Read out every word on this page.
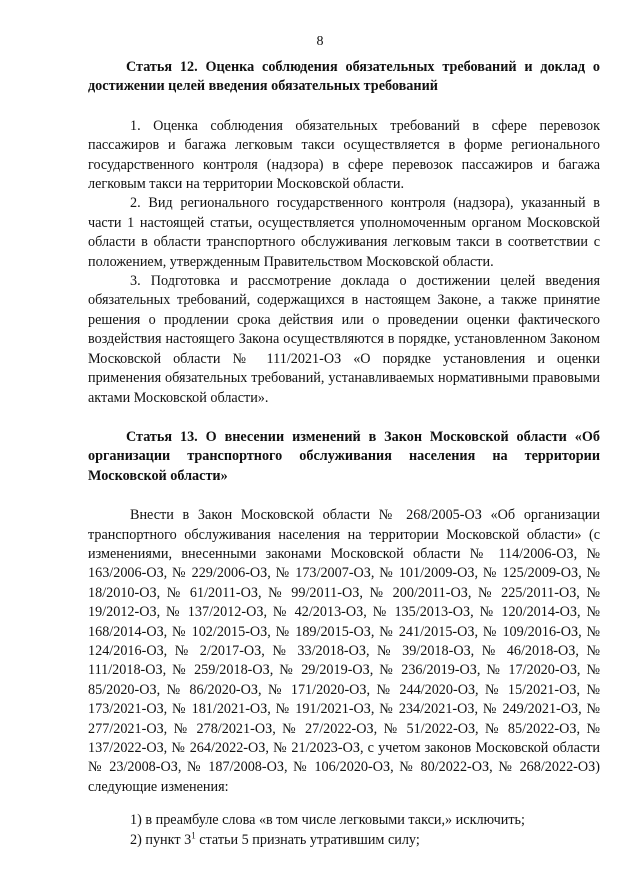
8
Статья 12. Оценка соблюдения обязательных требований и доклад о достижении целей введения обязательных требований

1. Оценка соблюдения обязательных требований в сфере перевозок пассажиров и багажа легковым такси осуществляется в форме регионального государственного контроля (надзора) в сфере перевозок пассажиров и багажа легковым такси на территории Московской области.

2. Вид регионального государственного контроля (надзора), указанный в части 1 настоящей статьи, осуществляется уполномоченным органом Московской области в области транспортного обслуживания легковым такси в соответствии с положением, утвержденным Правительством Московской области.

3. Подготовка и рассмотрение доклада о достижении целей введения обязательных требований, содержащихся в настоящем Законе, а также принятие решения о продлении срока действия или о проведении оценки фактического воздействия настоящего Закона осуществляются в порядке, установленном Законом Московской области № 111/2021-ОЗ «О порядке установления и оценки применения обязательных требований, устанавливаемых нормативными правовыми актами Московской области».

Статья 13. О внесении изменений в Закон Московской области «Об организации транспортного обслуживания населения на территории Московской области»

Внести в Закон Московской области № 268/2005-ОЗ «Об организации транспортного обслуживания населения на территории Московской области» (с изменениями, внесенными законами Московской области № 114/2006-ОЗ, № 163/2006-ОЗ, № 229/2006-ОЗ, № 173/2007-ОЗ, № 101/2009-ОЗ, № 125/2009-ОЗ, № 18/2010-ОЗ, № 61/2011-ОЗ, № 99/2011-ОЗ, № 200/2011-ОЗ, № 225/2011-ОЗ, № 19/2012-ОЗ, № 137/2012-ОЗ, № 42/2013-ОЗ, № 135/2013-ОЗ, № 120/2014-ОЗ, № 168/2014-ОЗ, № 102/2015-ОЗ, № 189/2015-ОЗ, № 241/2015-ОЗ, № 109/2016-ОЗ, № 124/2016-ОЗ, № 2/2017-ОЗ, № 33/2018-ОЗ, № 39/2018-ОЗ, № 46/2018-ОЗ, № 111/2018-ОЗ, № 259/2018-ОЗ, № 29/2019-ОЗ, № 236/2019-ОЗ, № 17/2020-ОЗ, № 85/2020-ОЗ, № 86/2020-ОЗ, № 171/2020-ОЗ, № 244/2020-ОЗ, № 15/2021-ОЗ, № 173/2021-ОЗ, № 181/2021-ОЗ, № 191/2021-ОЗ, № 234/2021-ОЗ, № 249/2021-ОЗ, № 277/2021-ОЗ, № 278/2021-ОЗ, № 27/2022-ОЗ, № 51/2022-ОЗ, № 85/2022-ОЗ, № 137/2022-ОЗ, № 264/2022-ОЗ, № 21/2023-ОЗ, с учетом законов Московской области № 23/2008-ОЗ, № 187/2008-ОЗ, № 106/2020-ОЗ, № 80/2022-ОЗ, № 268/2022-ОЗ) следующие изменения:

1) в преамбуле слова «в том числе легковыми такси,» исключить;

2) пункт $3^1$ статьи 5 признать утратившим силу;
